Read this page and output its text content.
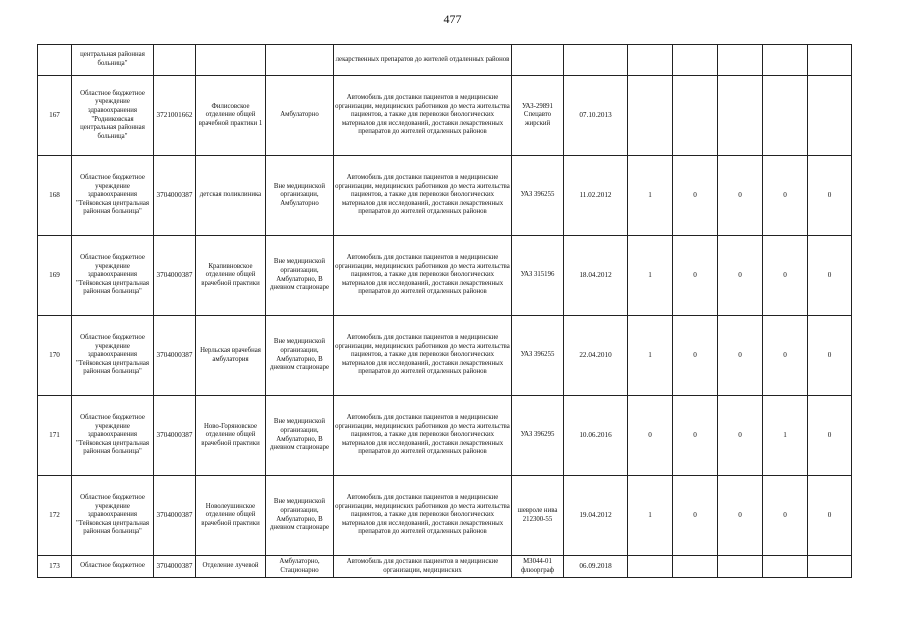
477
	центральная районная больница"				лекарственных препаратов до жителей отдаленных районов							
167	Областное бюджетное учреждение здравоохранения "Родниковская центральная районная больница"	3721001662	Филисовское отделение общей врачебной практики 1	Амбулаторно	Автомобиль для доставки пациентов в медицинские организации, медицинских работников до места жительства пациентов, а также для перевозки биологических материалов для исследований, доставки лекарственных препаратов до жителей отдаленных районов	УАЗ-29891 Спецавто жирский	07.10.2013					
168	Областное бюджетное учреждение здравоохранения "Тейковская центральная районная больница"	3704000387	детская поликлиника	Вне медицинской организации, Амбулаторно	Автомобиль для доставки пациентов в медицинские организации, медицинских работников до места жительства пациентов, а также для перевозки биологических материалов для исследований, доставки лекарственных препаратов до жителей отдаленных районов	УАЗ 396255	11.02.2012	1	0	0	0	0
169	Областное бюджетное учреждение здравоохранения "Тейковская центральная районная больница"	3704000387	Крапивновское отделение общей врачебной практики	Вне медицинской организации, Амбулаторно, В дневном стационаре	Автомобиль для доставки пациентов в медицинские организации, медицинских работников до места жительства пациентов, а также для перевозки биологических материалов для исследований, доставки лекарственных препаратов до жителей отдаленных районов	УАЗ 315196	18.04.2012	1	0	0	0	0
170	Областное бюджетное учреждение здравоохранения "Тейковская центральная районная больница"	3704000387	Нерльская врачебная амбулатория	Вне медицинской организации, Амбулаторно, В дневном стационаре	Автомобиль для доставки пациентов в медицинские организации, медицинских работников до места жительства пациентов, а также для перевозки биологических материалов для исследований, доставки лекарственных препаратов до жителей отдаленных районов	УАЗ 396255	22.04.2010	1	0	0	0	0
171	Областное бюджетное учреждение здравоохранения "Тейковская центральная районная больница"	3704000387	Ново-Горяновское отделение общей врачебной практики	Вне медицинской организации, Амбулаторно, В дневном стационаре	Автомобиль для доставки пациентов в медицинские организации, медицинских работников до места жительства пациентов, а также для перевозки биологических материалов для исследований, доставки лекарственных препаратов до жителей отдаленных районов	УАЗ 396295	10.06.2016	0	0	0	1	0
172	Областное бюджетное учреждение здравоохранения "Тейковская центральная районная больница"	3704000387	Новолеушинское отделение общей врачебной практики	Вне медицинской организации, Амбулаторно, В дневном стационаре	Автомобиль для доставки пациентов в медицинские организации, медицинских работников до места жительства пациентов, а также для перевозки биологических материалов для исследований, доставки лекарственных препаратов до жителей отдаленных районов	шевроле нива 212300-55	19.04.2012	1	0	0	0	0
173	Областное бюджетное	3704000387	Отделение лучевой	Амбулаторно, Стационарно	Автомобиль для доставки пациентов в медицинские организации, медицинских	МЗ044-01 флюорграф	06.09.2018					
